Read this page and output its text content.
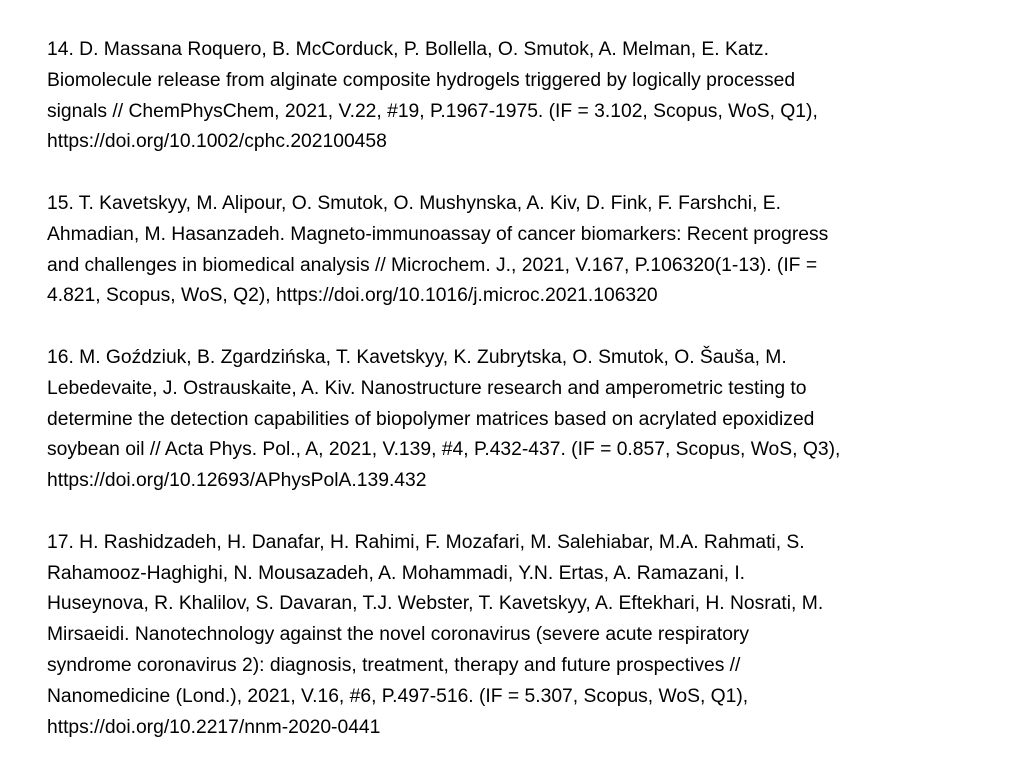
14. D. Massana Roquero, B. McCorduck, P. Bollella, O. Smutok, A. Melman, E. Katz.
Biomolecule release from alginate composite hydrogels triggered by logically processed
signals // ChemPhysChem, 2021, V.22, #19, P.1967-1975. (IF = 3.102, Scopus, WoS, Q1),
https://doi.org/10.1002/cphc.202100458
15. T. Kavetskyy, M. Alipour, O. Smutok, O. Mushynska, A. Kiv, D. Fink, F. Farshchi, E.
Ahmadian, M. Hasanzadeh. Magneto-immunoassay of cancer biomarkers: Recent progress
and challenges in biomedical analysis // Microchem. J., 2021, V.167, P.106320(1-13). (IF =
4.821, Scopus, WoS, Q2), https://doi.org/10.1016/j.microc.2021.106320
16. M. Goździuk, B. Zgardzińska, T. Kavetskyy, K. Zubrytska, O. Smutok, O. Šauša, M.
Lebedevaite, J. Ostrauskaite, A. Kiv. Nanostructure research and amperometric testing to
determine the detection capabilities of biopolymer matrices based on acrylated epoxidized
soybean oil // Acta Phys. Pol., A, 2021, V.139, #4, P.432-437. (IF = 0.857, Scopus, WoS, Q3),
https://doi.org/10.12693/APhysPolA.139.432
17. H. Rashidzadeh, H. Danafar, H. Rahimi, F. Mozafari, M. Salehiabar, M.A. Rahmati, S.
Rahamooz-Haghighi, N. Mousazadeh, A. Mohammadi, Y.N. Ertas, A. Ramazani, I.
Huseynova, R. Khalilov, S. Davaran, T.J. Webster, T. Kavetskyy, A. Eftekhari, H. Nosrati, M.
Mirsaeidi. Nanotechnology against the novel coronavirus (severe acute respiratory
syndrome coronavirus 2): diagnosis, treatment, therapy and future prospectives //
Nanomedicine (Lond.), 2021, V.16, #6, P.497-516. (IF = 5.307, Scopus, WoS, Q1),
https://doi.org/10.2217/nnm-2020-0441
